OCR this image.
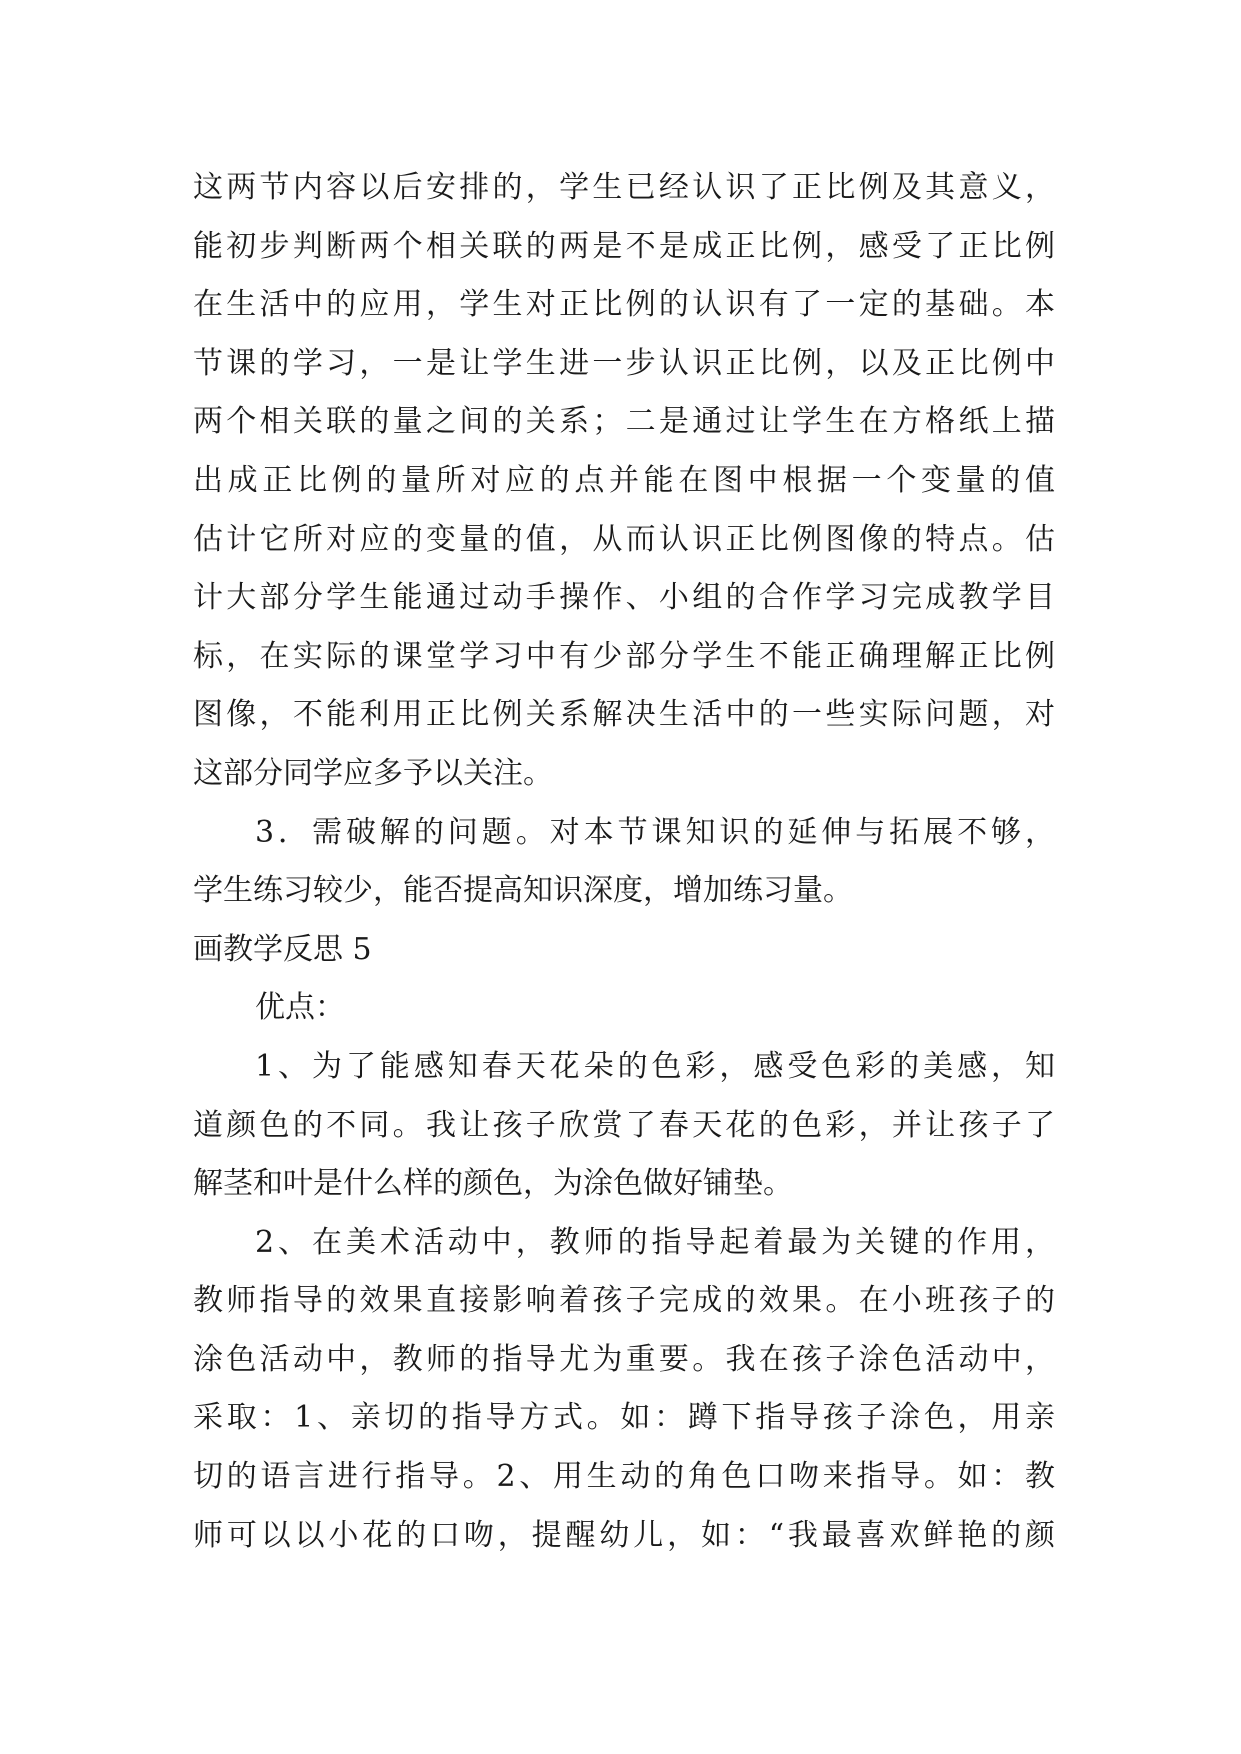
这两节内容以后安排的，学生已经认识了正比例及其意义，
能初步判断两个相关联的两是不是成正比例，感受了正比例
在生活中的应用，学生对正比例的认识有了一定的基础。本
节课的学习，一是让学生进一步认识正比例，以及正比例中
两个相关联的量之间的关系；二是通过让学生在方格纸上描
出成正比例的量所对应的点并能在图中根据一个变量的值
估计它所对应的变量的值，从而认识正比例图像的特点。估
计大部分学生能通过动手操作、小组的合作学习完成教学目
标，在实际的课堂学习中有少部分学生不能正确理解正比例
图像，不能利用正比例关系解决生活中的一些实际问题，对
这部分同学应多予以关注。
3．需破解的问题。对本节课知识的延伸与拓展不够，
学生练习较少，能否提高知识深度，增加练习量。
画教学反思 5
优点：
1、为了能感知春天花朵的色彩，感受色彩的美感，知
道颜色的不同。我让孩子欣赏了春天花的色彩，并让孩子了
解茎和叶是什么样的颜色，为涂色做好铺垫。
2、在美术活动中，教师的指导起着最为关键的作用，
教师指导的效果直接影响着孩子完成的效果。在小班孩子的
涂色活动中，教师的指导尤为重要。我在孩子涂色活动中，
采取：1、亲切的指导方式。如：蹲下指导孩子涂色，用亲
切的语言进行指导。2、用生动的角色口吻来指导。如：教
师可以以小花的口吻，提醒幼儿，如：“我最喜欢鲜艳的颜
